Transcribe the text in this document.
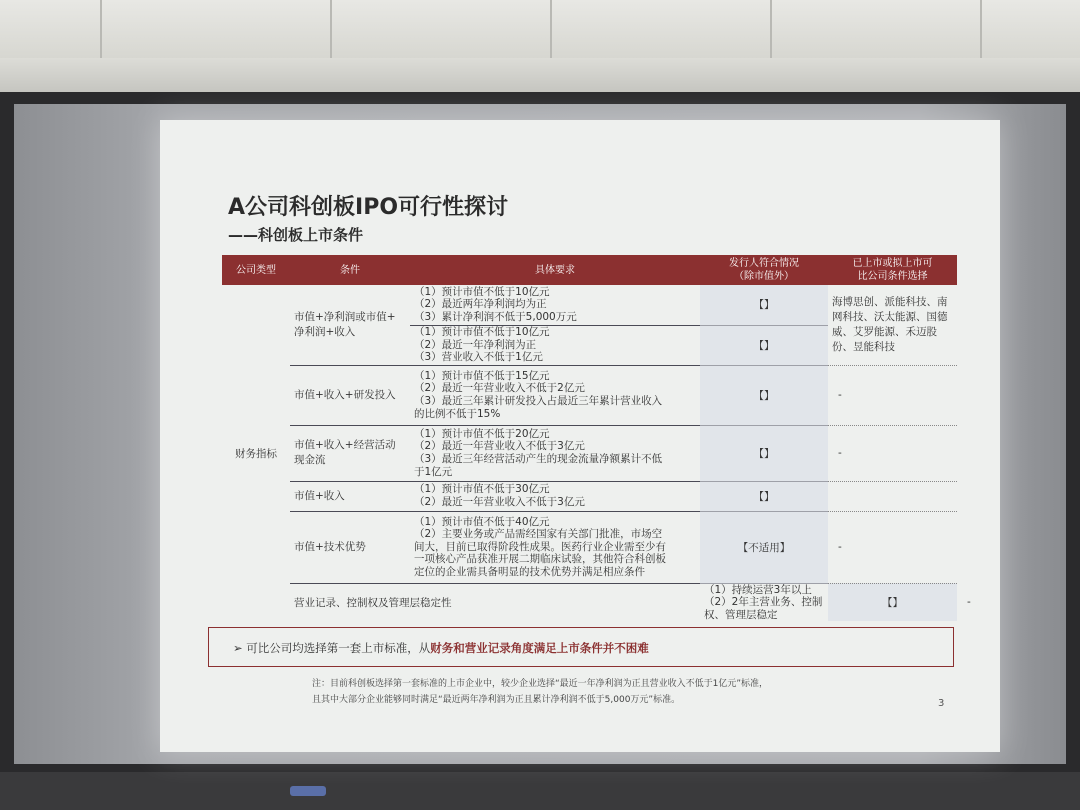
A公司科创板IPO可行性探讨
——科创板上市条件
公司类型	条件	具体要求	发行人符合情况
（除市值外）	已上市或拟上市可
比公司条件选择	
财务指标	市值+净利润或市值+
净利润+收入	（1）预计市值不低于10亿元
（2）最近两年净利润均为正
（3）累计净利润不低于5,000万元	【】	海博思创、派能科技、南网科技、沃太能源、国德威、艾罗能源、禾迈股份、昱能科技	
		（1）预计市值不低于10亿元
（2）最近一年净利润为正
（3）营业收入不低于1亿元	【】		
	市值+收入+研发投入	（1）预计市值不低于15亿元
（2）最近一年营业收入不低于2亿元
（3）最近三年累计研发投入占最近三年累计营业收入
的比例不低于15%	【】	-	
	市值+收入+经营活动
现金流	（1）预计市值不低于20亿元
（2）最近一年营业收入不低于3亿元
（3）最近三年经营活动产生的现金流量净额累计不低
于1亿元	【】	-	
	市值+收入	（1）预计市值不低于30亿元
（2）最近一年营业收入不低于3亿元	【】		
	市值+技术优势	（1）预计市值不低于40亿元
（2）主要业务或产品需经国家有关部门批准，市场空
间大，目前已取得阶段性成果。医药行业企业需至少有
一项核心产品获准开展二期临床试验，其他符合科创板
定位的企业需具备明显的技术优势并满足相应条件	【不适用】	-	
	营业记录、控制权及管理层稳定性		（1）持续运营3年以上
（2）2年主营业务、控制权、管理层稳定	【】	-
➢ 可比公司均选择第一套上市标准，从财务和营业记录角度满足上市条件并不困难
注：目前科创板选择第一套标准的上市企业中，较少企业选择“最近一年净利润为正且营业收入不低于1亿元”标准，
且其中大部分企业能够同时满足“最近两年净利润为正且累计净利润不低于5,000万元”标准。	3
